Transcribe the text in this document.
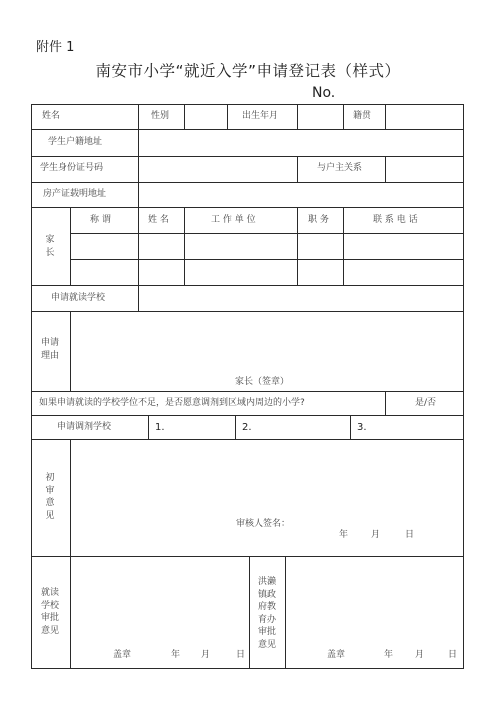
附件 1
南安市小学“就近入学”申请登记表（样式）
No.
姓名	性别	出生年月	籍贯
学生户籍地址
学生身份证号码	与户主关系
房产证载明地址
家长
称 谓	姓 名	工 作 单 位	职 务	联 系 电 话
申请就读学校
申请理由
家长（签章）
如果申请就读的学校学位不足，是否愿意调剂到区域内周边的小学?	是/否
申请调剂学校	1.	2.	3.
初审意见
审核人签名：
年	月	日
就读学校审批意见
盖章	年 月	日
洪濑镇政府教育办审批意见
盖章	年 月	日
